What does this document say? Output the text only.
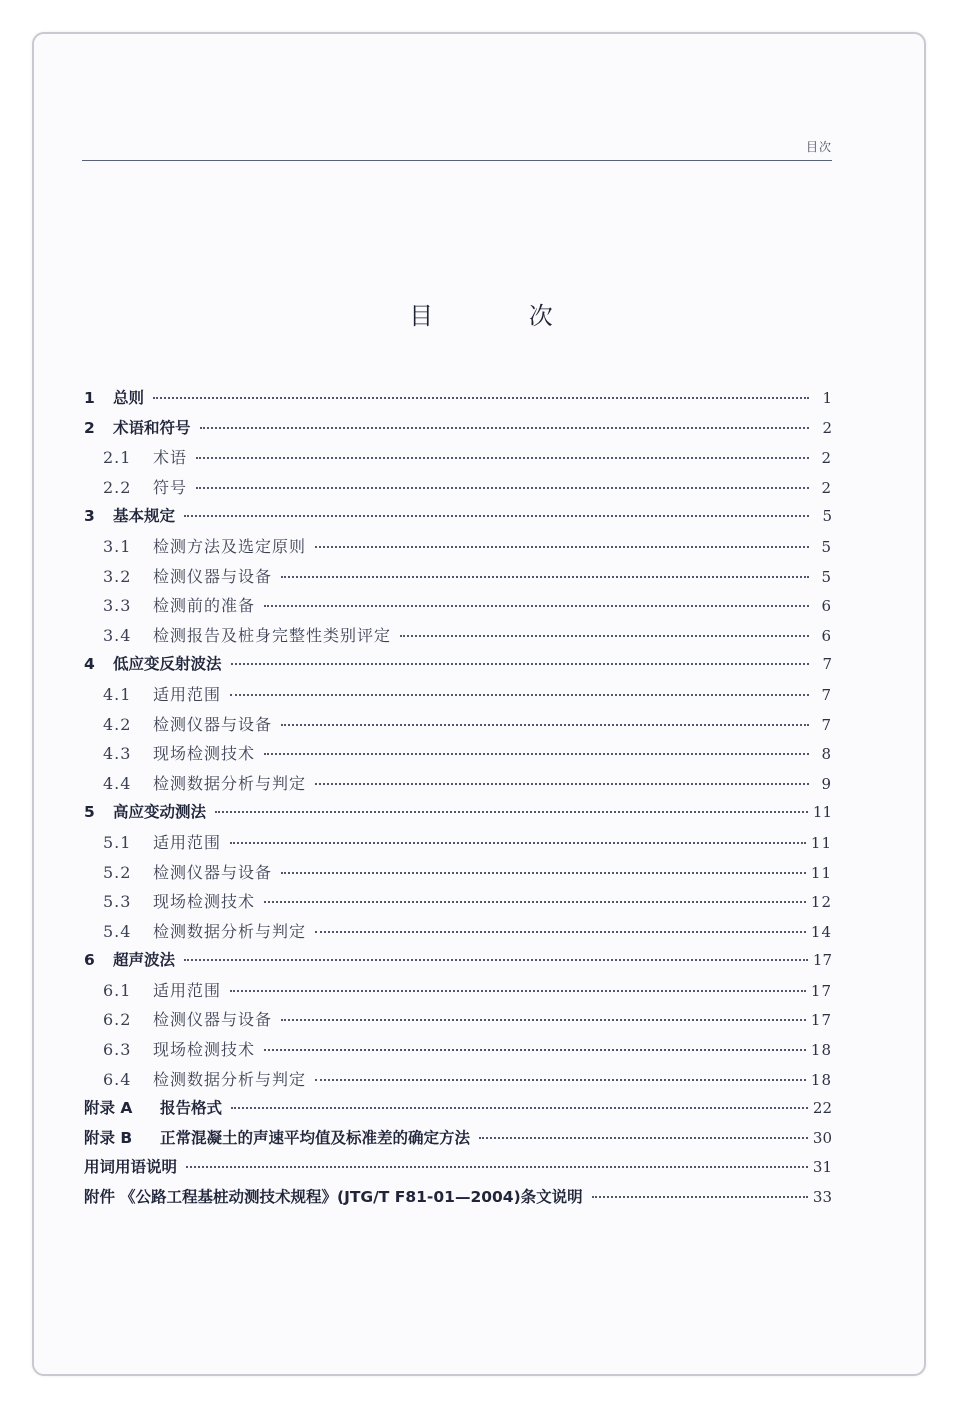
目次
目 次
1	总则	1
2	术语和符号	2
2.1	术语	2
2.2	符号	2
3	基本规定	5
3.1	检测方法及选定原则	5
3.2	检测仪器与设备	5
3.3	检测前的准备	6
3.4	检测报告及桩身完整性类别评定	6
4	低应变反射波法	7
4.1	适用范围	7
4.2	检测仪器与设备	7
4.3	现场检测技术	8
4.4	检测数据分析与判定	9
5	高应变动测法	11
5.1	适用范围	11
5.2	检测仪器与设备	11
5.3	现场检测技术	12
5.4	检测数据分析与判定	14
6	超声波法	17
6.1	适用范围	17
6.2	检测仪器与设备	17
6.3	现场检测技术	18
6.4	检测数据分析与判定	18
附录 A	报告格式	22
附录 B	正常混凝土的声速平均值及标准差的确定方法	30
用词用语说明	31
附件 《公路工程基桩动测技术规程》(JTG/T F81-01—2004)条文说明	33
